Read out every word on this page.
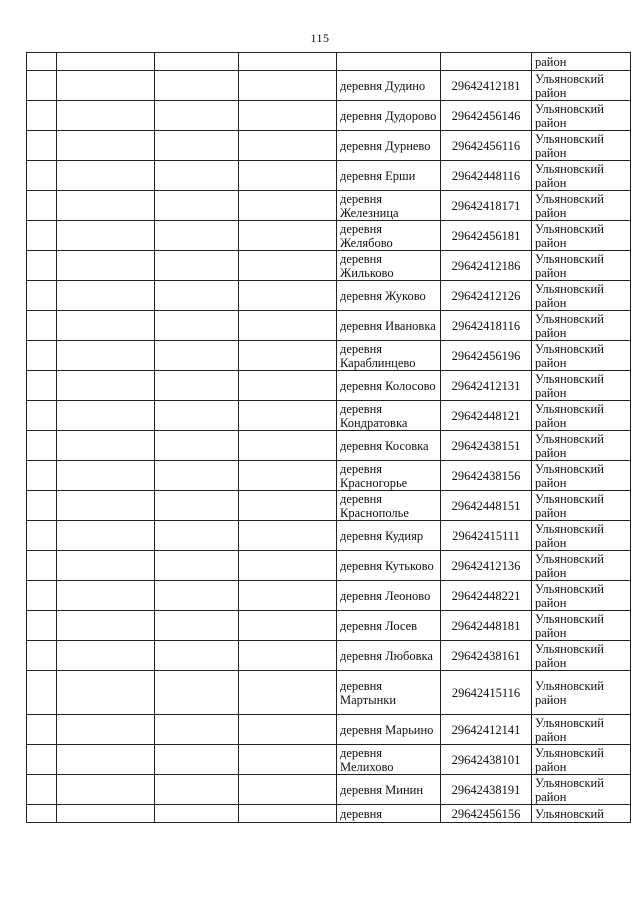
115
						район
				деревня Дудино	29642412181	Ульяновский район
				деревня Дудорово	29642456146	Ульяновский район
				деревня Дурнево	29642456116	Ульяновский район
				деревня Ерши	29642448116	Ульяновский район
				деревня Железница	29642418171	Ульяновский район
				деревня Желябово	29642456181	Ульяновский район
				деревня Жильково	29642412186	Ульяновский район
				деревня Жуково	29642412126	Ульяновский район
				деревня Ивановка	29642418116	Ульяновский район
				деревня Караблинцево	29642456196	Ульяновский район
				деревня Колосово	29642412131	Ульяновский район
				деревня Кондратовка	29642448121	Ульяновский район
				деревня Косовка	29642438151	Ульяновский район
				деревня Красногорье	29642438156	Ульяновский район
				деревня Краснополье	29642448151	Ульяновский район
				деревня Кудияр	29642415111	Ульяновский район
				деревня Кутьково	29642412136	Ульяновский район
				деревня Леоново	29642448221	Ульяновский район
				деревня Лосев	29642448181	Ульяновский район
				деревня Любовка	29642438161	Ульяновский район
				деревня Мартынки	29642415116	Ульяновский район
				деревня Марьино	29642412141	Ульяновский район
				деревня Мелихово	29642438101	Ульяновский район
				деревня Минин	29642438191	Ульяновский район
				деревня	29642456156	Ульяновский
